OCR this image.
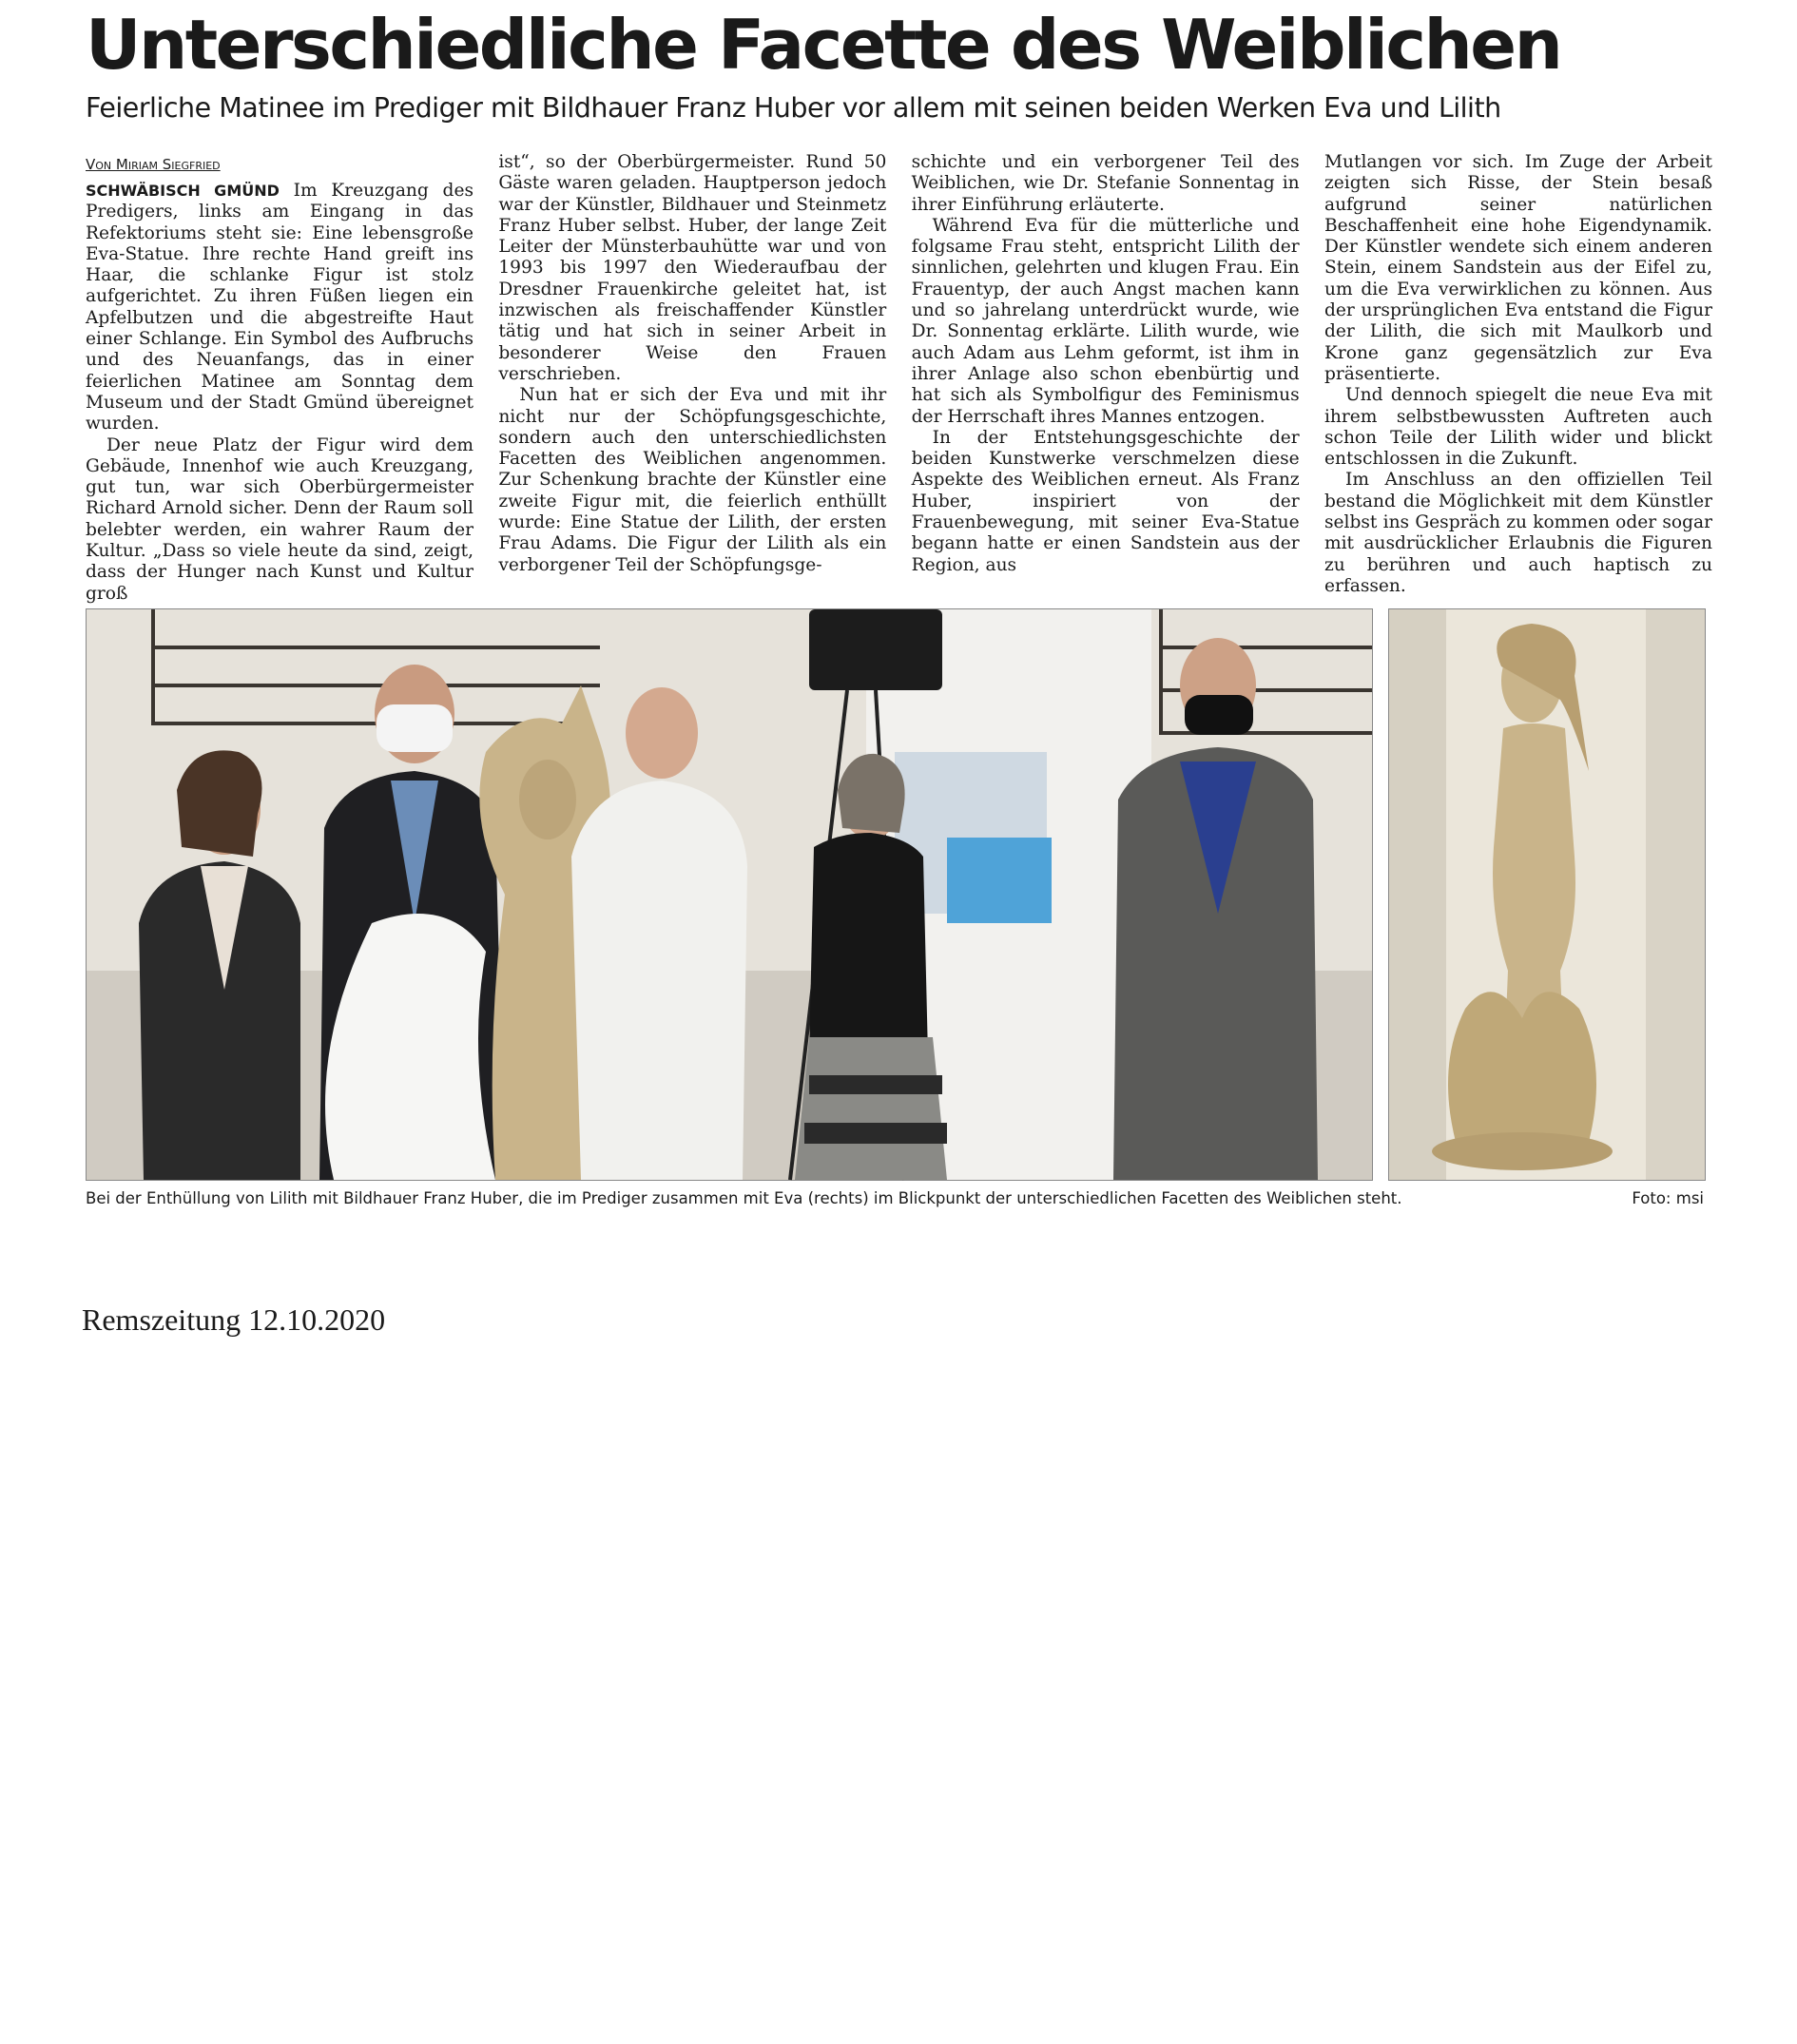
Unterschiedliche Facette des Weiblichen
Feierliche Matinee im Prediger mit Bildhauer Franz Huber vor allem mit seinen beiden Werken Eva und Lilith
Von Miriam Siegfried

SCHWÄBISCH GMÜND Im Kreuzgang des Predigers, links am Eingang in das Refektoriums steht sie: Eine lebensgroße Eva-Statue. Ihre rechte Hand greift ins Haar, die schlanke Figur ist stolz aufgerichtet. Zu ihren Füßen liegen ein Apfelbutzen und die abgestreifte Haut einer Schlange. Ein Symbol des Aufbruchs und des Neuanfangs, das in einer feierlichen Matinee am Sonntag dem Museum und der Stadt Gmünd übereignet wurden.

Der neue Platz der Figur wird dem Gebäude, Innenhof wie auch Kreuzgang, gut tun, war sich Oberbürgermeister Richard Arnold sicher. Denn der Raum soll belebter werden, ein wahrer Raum der Kultur. „Dass so viele heute da sind, zeigt, dass der Hunger nach Kunst und Kultur groß

ist“, so der Oberbürgermeister. Rund 50 Gäste waren geladen. Hauptperson jedoch war der Künstler, Bildhauer und Steinmetz Franz Huber selbst. Huber, der lange Zeit Leiter der Münsterbauhütte war und von 1993 bis 1997 den Wiederaufbau der Dresdner Frauenkirche geleitet hat, ist inzwischen als freischaffender Künstler tätig und hat sich in seiner Arbeit in besonderer Weise den Frauen verschrieben.

Nun hat er sich der Eva und mit ihr nicht nur der Schöpfungsgeschichte, sondern auch den unterschiedlichsten Facetten des Weiblichen angenommen. Zur Schenkung brachte der Künstler eine zweite Figur mit, die feierlich enthüllt wurde: Eine Statue der Lilith, der ersten Frau Adams. Die Figur der Lilith als ein verborgener Teil der Schöpfungsge-

schichte und ein verborgener Teil des Weiblichen, wie Dr. Stefanie Sonnentag in ihrer Einführung erläuterte.

Während Eva für die mütterliche und folgsame Frau steht, entspricht Lilith der sinnlichen, gelehrten und klugen Frau. Ein Frauentyp, der auch Angst machen kann und so jahrelang unterdrückt wurde, wie Dr. Sonnentag erklärte. Lilith wurde, wie auch Adam aus Lehm geformt, ist ihm in ihrer Anlage also schon ebenbürtig und hat sich als Symbolfigur des Feminismus der Herrschaft ihres Mannes entzogen.

In der Entstehungsgeschichte der beiden Kunstwerke verschmelzen diese Aspekte des Weiblichen erneut. Als Franz Huber, inspiriert von der Frauenbewegung, mit seiner Eva-Statue begann hatte er einen Sandstein aus der Region, aus

Mutlangen vor sich. Im Zuge der Arbeit zeigten sich Risse, der Stein besaß aufgrund seiner natürlichen Beschaffenheit eine hohe Eigendynamik. Der Künstler wendete sich einem anderen Stein, einem Sandstein aus der Eifel zu, um die Eva verwirklichen zu können. Aus der ursprünglichen Eva entstand die Figur der Lilith, die sich mit Maulkorb und Krone ganz gegensätzlich zur Eva präsentierte.

Und dennoch spiegelt die neue Eva mit ihrem selbstbewussten Auftreten auch schon Teile der Lilith wider und blickt entschlossen in die Zukunft.

Im Anschluss an den offiziellen Teil bestand die Möglichkeit mit dem Künstler selbst ins Gespräch zu kommen oder sogar mit ausdrücklicher Erlaubnis die Figuren zu berühren und auch haptisch zu erfassen.

Bei der Enthüllung von Lilith mit Bildhauer Franz Huber, die im Prediger zusammen mit Eva (rechts) im Blickpunkt der unterschiedlichen Facetten des Weiblichen steht.	Foto: msi
Remszeitung 12.10.2020
